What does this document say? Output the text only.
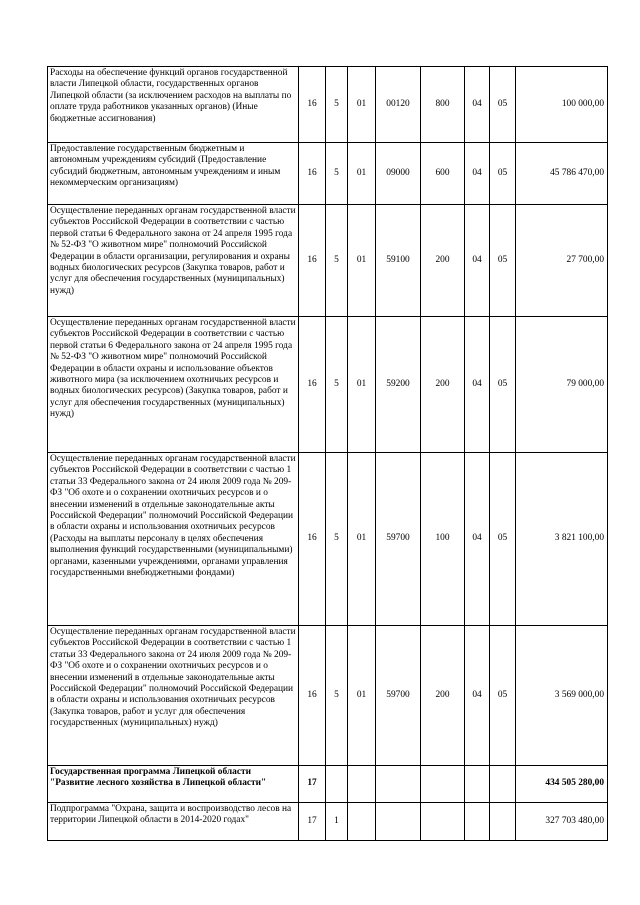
Расходы на обеспечение функций органов государственной власти Липецкой области, государственных органов Липецкой области (за исключением расходов на выплаты по оплате труда работников указанных органов) (Иные бюджетные ассигнования)	16	5	01	00120	800	04	05	100 000,00
Предоставление государственным бюджетным и автономным учреждениям субсидий (Предоставление субсидий бюджетным, автономным учреждениям и иным некоммерческим организациям)	16	5	01	09000	600	04	05	45 786 470,00
Осуществление переданных органам государственной власти субъектов Российской Федерации в соответствии с частью первой статьи 6 Федерального закона от 24 апреля 1995 года № 52-ФЗ "О животном мире" полномочий Российской Федерации в области организации, регулирования и охраны водных биологических ресурсов (Закупка товаров, работ и услуг для обеспечения государственных (муниципальных) нужд)	16	5	01	59100	200	04	05	27 700,00
Осуществление переданных органам государственной власти субъектов Российской Федерации в соответствии с частью первой статьи 6 Федерального закона от 24 апреля 1995 года № 52-ФЗ "О животном мире" полномочий Российской Федерации в области охраны и использование объектов животного мира (за исключением охотничьих ресурсов и водных биологических ресурсов) (Закупка товаров, работ и услуг для обеспечения государственных (муниципальных) нужд)	16	5	01	59200	200	04	05	79 000,00
Осуществление переданных органам государственной власти субъектов Российской Федерации в соответствии с частью 1 статьи 33 Федерального закона от 24 июля 2009 года № 209-ФЗ "Об охоте и о сохранении охотничьих ресурсов и о внесении изменений в отдельные законодательные акты Российской Федерации" полномочий Российской Федерации в области охраны и использования охотничьих ресурсов (Расходы на выплаты персоналу в целях обеспечения выполнения функций государственными (муниципальными) органами, казенными учреждениями, органами управления государственными внебюджетными фондами)	16	5	01	59700	100	04	05	3 821 100,00
Осуществление переданных органам государственной власти субъектов Российской Федерации в соответствии с частью 1 статьи 33 Федерального закона от 24 июля 2009 года № 209-ФЗ "Об охоте и о сохранении охотничьих ресурсов и о внесении изменений в отдельные законодательные акты Российской Федерации" полномочий Российской Федерации в области охраны и использования охотничьих ресурсов (Закупка товаров, работ и услуг для обеспечения государственных (муниципальных) нужд)	16	5	01	59700	200	04	05	3 569 000,00
Государственная программа Липецкой области "Развитие лесного хозяйства в Липецкой области"	17							434 505 280,00
Подпрограмма "Охрана, защита и воспроизводство лесов на территории Липецкой области в 2014-2020 годах"	17	1						327 703 480,00
